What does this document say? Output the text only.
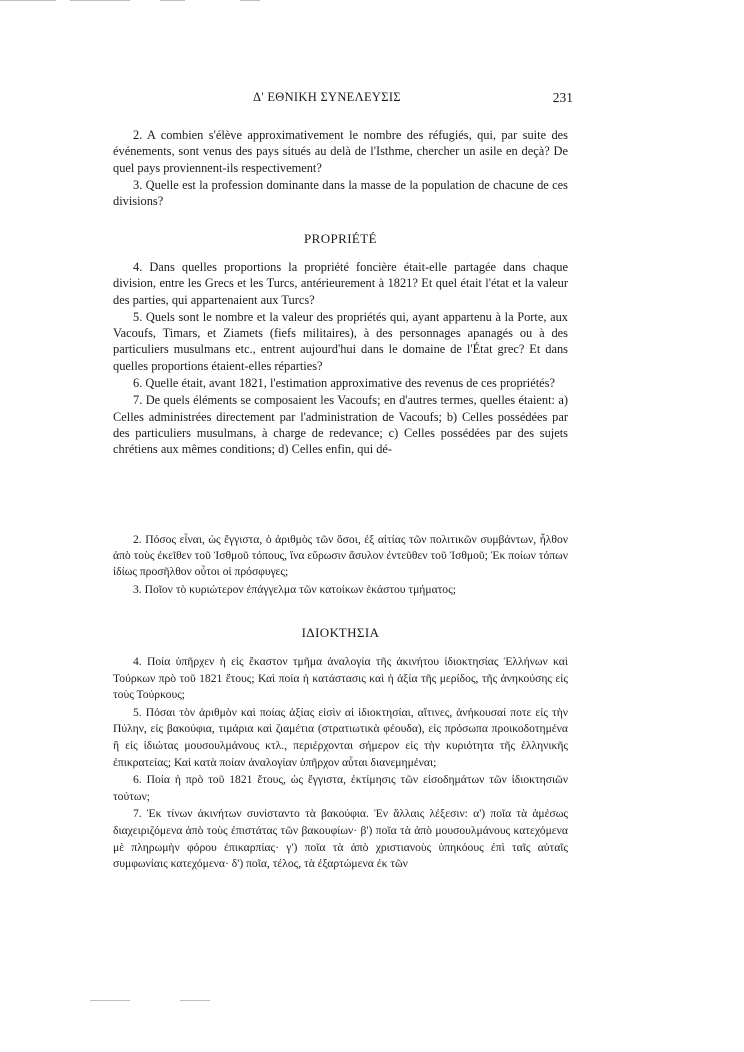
Δ' ΕΘΝΙΚΗ ΣΥΝΕΛΕΥΣΙΣ	231

2. A combien s'élève approximativement le nombre des réfugiés, qui, par suite des événements, sont venus des pays situés au delà de l'Isthme, chercher un asile en deçà? De quel pays proviennent-ils respectivement?

3. Quelle est la profession dominante dans la masse de la population de chacune de ces divisions?

PROPRIÉTÉ

4. Dans quelles proportions la propriété foncière était-elle partagée dans chaque division, entre les Grecs et les Turcs, antérieurement à 1821? Et quel était l'état et la valeur des parties, qui appartenaient aux Turcs?

5. Quels sont le nombre et la valeur des propriétés qui, ayant appartenu à la Porte, aux Vacoufs, Timars, et Ziamets (fiefs militaires), à des personnages apanagés ou à des particuliers musulmans etc., entrent aujourd'hui dans le domaine de l'État grec? Et dans quelles proportions étaient-elles réparties?

6. Quelle était, avant 1821, l'estimation approximative des revenus de ces propriétés?

7. De quels éléments se composaient les Vacoufs; en d'autres termes, quelles étaient: a) Celles administrées directement par l'administration de Vacoufs; b) Celles possédées par des particuliers musulmans, à charge de redevance; c) Celles possédées par des sujets chrétiens aux mêmes conditions; d) Celles enfin, qui dé-

2. Πόσος εἶναι, ὡς ἔγγιστα, ὁ ἀριθμὸς τῶν ὅσοι, ἐξ αἰτίας τῶν πολιτικῶν συμβάντων, ἦλθον ἀπὸ τοὺς ἐκεῖθεν τοῦ Ἰσθμοῦ τόπους, ἵνα εὕρωσιν ἄσυλον ἐντεῦθεν τοῦ Ἰσθμοῦ; Ἐκ ποίων τόπων ἰδίως προσῆλθον οὗτοι οἱ πρόσφυγες;

3. Ποῖον τὸ κυριώτερον ἐπάγγελμα τῶν κατοίκων ἑκάστου τμήματος;

ΙΔΙΟΚΤΗΣΙΑ

4. Ποία ὑπῆρχεν ἡ εἰς ἕκαστον τμῆμα ἀναλογία τῆς ἀκινήτου ἰδιοκτησίας Ἑλλήνων καὶ Τούρκων πρὸ τοῦ 1821 ἔτους; Καὶ ποία ἡ κατάστασις καὶ ἡ ἀξία τῆς μερίδος, τῆς ἀνηκούσης εἰς τοὺς Τούρκους;

5. Πόσαι τὸν ἀριθμὸν καὶ ποίας ἀξίας εἰσὶν αἱ ἰδιοκτησίαι, αἵτινες, ἀνήκουσαί ποτε εἰς τὴν Πύλην, εἰς βακούφια, τιμάρια καὶ ζιαμέτια (στρατιωτικὰ φέουδα), εἰς πρόσωπα προικοδοτημένα ἢ εἰς ἰδιώτας μουσουλμάνους κτλ., περιέρχονται σήμερον εἰς τὴν κυριότητα τῆς ἑλληνικῆς ἐπικρατείας; Καὶ κατὰ ποίαν ἀναλογίαν ὑπῆρχον αὗται διανεμημέναι;

6. Ποία ἡ πρὸ τοῦ 1821 ἔτους, ὡς ἔγγιστα, ἐκτίμησις τῶν εἰσοδημάτων τῶν ἰδιοκτησιῶν τούτων;

7. Ἐκ τίνων ἀκινήτων συνίσταντο τὰ βακούφια. Ἐν ἄλλαις λέξεσιν: α') ποῖα τὰ ἀμέσως διαχειριζόμενα ἀπὸ τοὺς ἐπιστάτας τῶν βακουφίων· β') ποῖα τὰ ἀπὸ μουσουλμάνους κατεχόμενα μὲ πληρωμὴν φόρου ἐπικαρπίας· γ') ποῖα τὰ ἀπὸ χριστιανοὺς ὑπηκόους ἐπὶ ταῖς αὐταῖς συμφωνίαις κατεχόμενα· δ') ποῖα, τέλος, τὰ ἐξαρτώμενα ἐκ τῶν
